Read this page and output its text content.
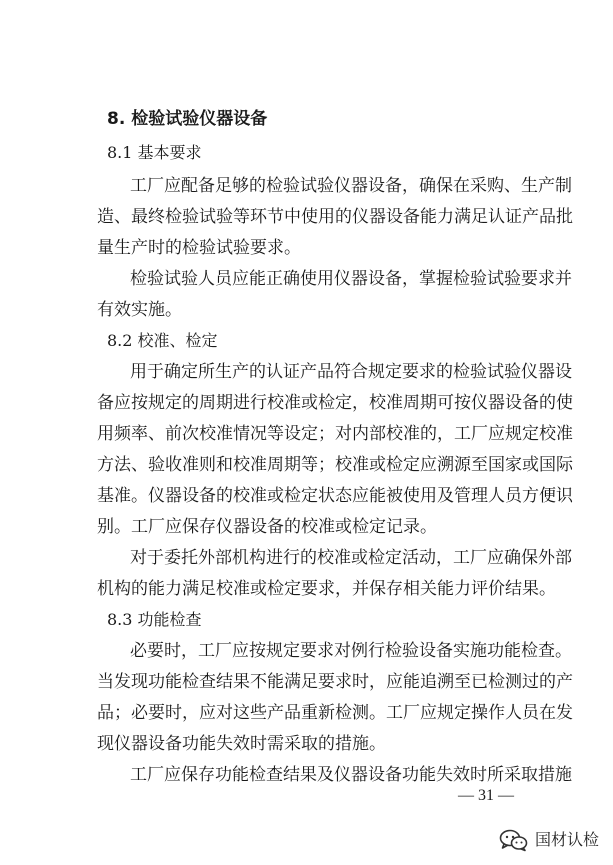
8. 检验试验仪器设备
8.1 基本要求
工厂应配备足够的检验试验仪器设备，确保在采购、生产制
造、最终检验试验等环节中使用的仪器设备能力满足认证产品批
量生产时的检验试验要求。
检验试验人员应能正确使用仪器设备，掌握检验试验要求并
有效实施。
8.2 校准、检定
用于确定所生产的认证产品符合规定要求的检验试验仪器设
备应按规定的周期进行校准或检定，校准周期可按仪器设备的使
用频率、前次校准情况等设定；对内部校准的，工厂应规定校准
方法、验收准则和校准周期等；校准或检定应溯源至国家或国际
基准。仪器设备的校准或检定状态应能被使用及管理人员方便识
别。工厂应保存仪器设备的校准或检定记录。
对于委托外部机构进行的校准或检定活动，工厂应确保外部
机构的能力满足校准或检定要求，并保存相关能力评价结果。
8.3 功能检查
必要时，工厂应按规定要求对例行检验设备实施功能检查。
当发现功能检查结果不能满足要求时，应能追溯至已检测过的产
品；必要时，应对这些产品重新检测。工厂应规定操作人员在发
现仪器设备功能失效时需采取的措施。
工厂应保存功能检查结果及仪器设备功能失效时所采取措施
— 31 —
国材认检
